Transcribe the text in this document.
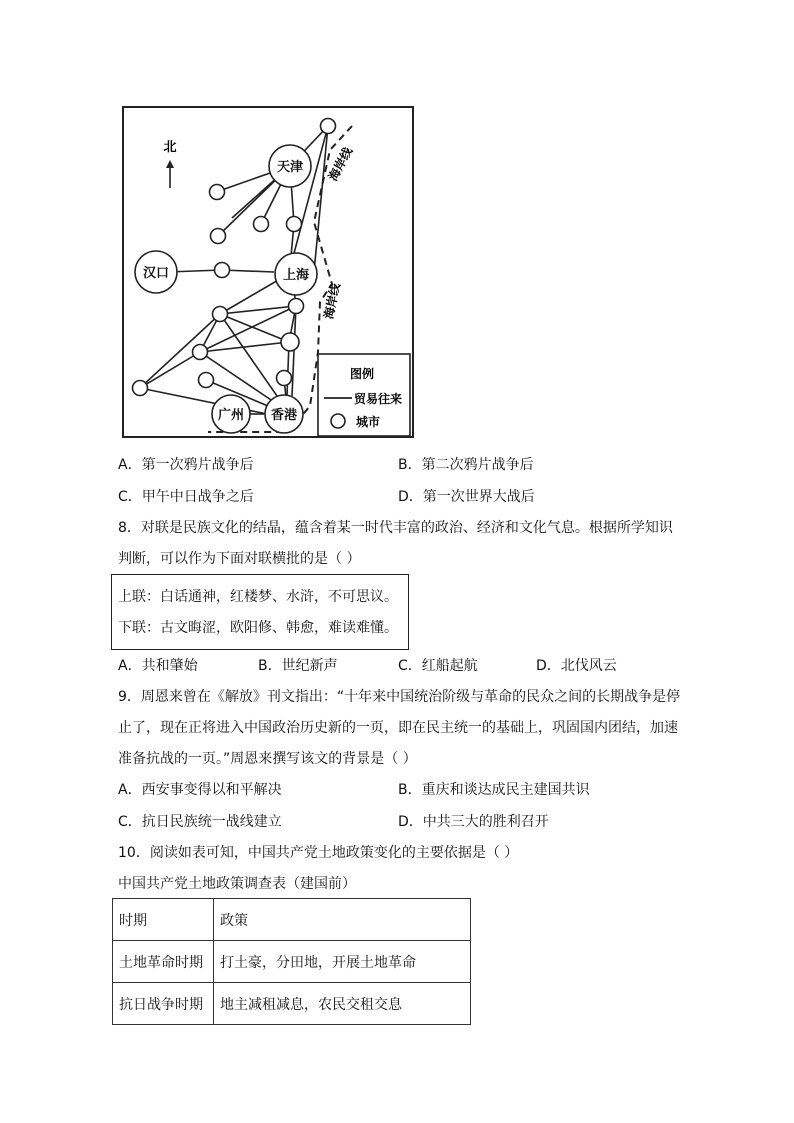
天津
汉口	上海
广州 香港
北	海岸线
海岸线
图例
贸易往来
城市
A．第一次鸦片战争后	B．第二次鸦片战争后
C．甲午中日战争之后	D．第一次世界大战后
8．对联是民族文化的结晶，蕴含着某一时代丰富的政治、经济和文化气息。根据所学知识
判断，可以作为下面对联横批的是（ ）
上联：白话通神，红楼梦、水浒，不可思议。
下联：古文晦涩，欧阳修、韩愈，难读难懂。
A．共和肇始	B．世纪新声	C．红船起航	D．北伐风云
9．周恩来曾在《解放》刊文指出：“十年来中国统治阶级与革命的民众之间的长期战争是停
止了，现在正将进入中国政治历史新的一页，即在民主统一的基础上，巩固国内团结，加速
准备抗战的一页。”周恩来撰写该文的背景是（ ）
A．西安事变得以和平解决	B．重庆和谈达成民主建国共识
C．抗日民族统一战线建立	D．中共三大的胜利召开
10．阅读如表可知，中国共产党土地政策变化的主要依据是（ ）
中国共产党土地政策调查表（建国前）
时期	政策
土地革命时期	打土豪，分田地，开展土地革命
抗日战争时期	地主减租减息，农民交租交息
